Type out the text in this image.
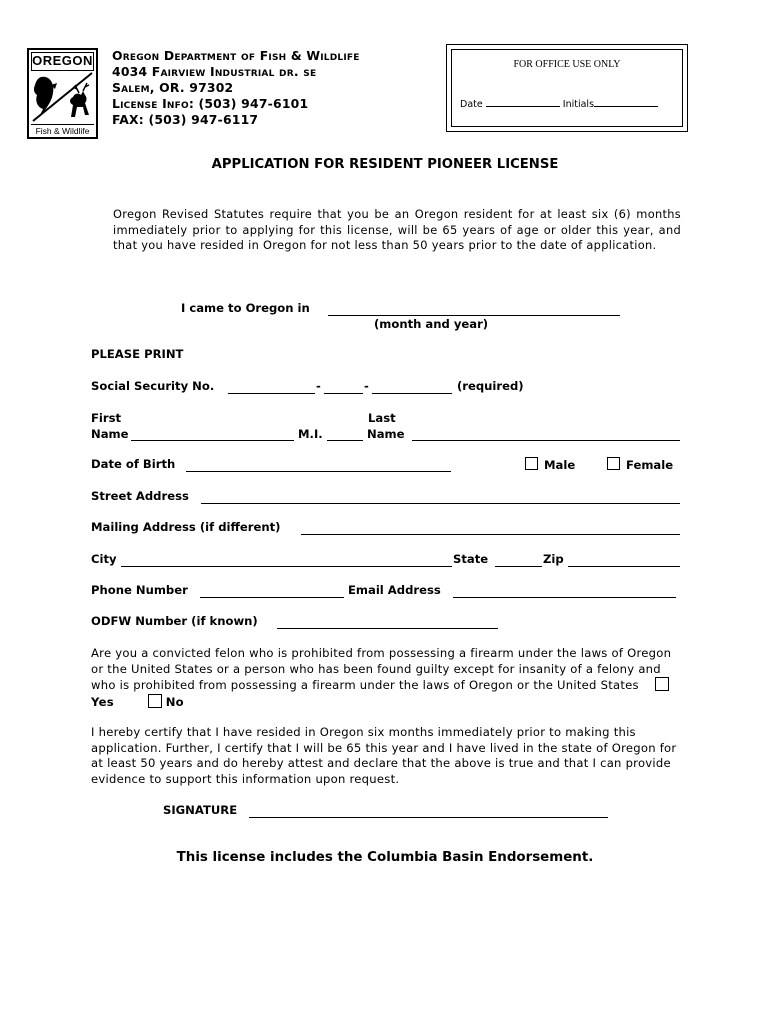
OREGON
Fish & Wildlife
Oregon Department of Fish & Wildlife
4034 Fairview Industrial dr. se
Salem, OR. 97302
License Info: (503) 947-6101
FAX: (503) 947-6117
FOR OFFICE USE ONLY
Date	Initials
APPLICATION FOR RESIDENT PIONEER LICENSE
Oregon Revised Statutes require that you be an Oregon resident for at least six (6) months immediately prior to applying for this license, will be 65 years of age or older this year, and that you have resided in Oregon for not less than 50 years prior to the date of application.
I came to Oregon in
(month and year)
PLEASE PRINT
Social Security No.	-	-	(required)
First
Name	M.I.
Last
Name
Date of Birth	Male	Female
Street Address
Mailing Address (if different)
City	State	Zip
Phone Number	Email Address
ODFW Number (if known)
Are you a convicted felon who is prohibited from possessing a firearm under the laws of Oregon or the United States or a person who has been found guilty except for insanity of a felony and who is prohibited from possessing a firearm under the laws of Oregon or the United States  Yes	No
I hereby certify that I have resided in Oregon six months immediately prior to making this application. Further, I certify that I will be 65 this year and I have lived in the state of Oregon for at least 50 years and do hereby attest and declare that the above is true and that I can provide evidence to support this information upon request.
SIGNATURE
This license includes the Columbia Basin Endorsement.
